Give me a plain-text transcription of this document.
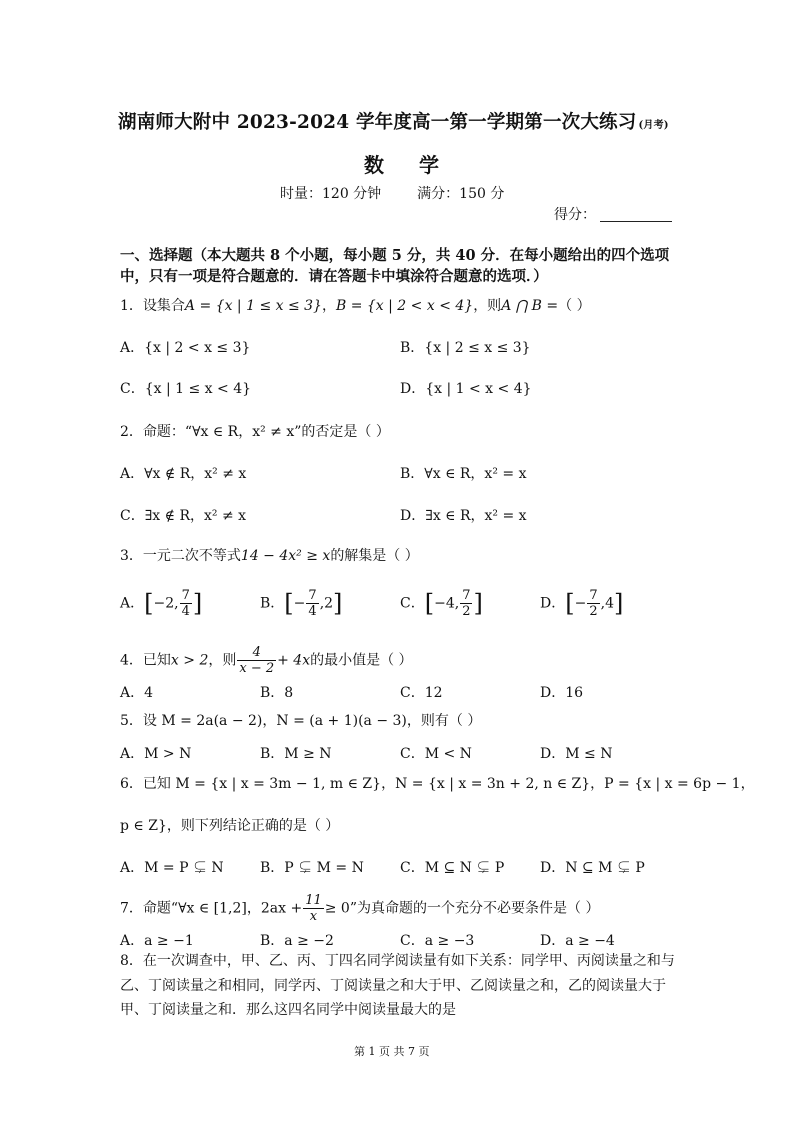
湖南师大附中 2023-2024 学年度高一第一学期第一次大练习 (月考)
数 学
时量：120 分钟	满分：150 分
得分：
一、选择题（本大题共 8 个小题，每小题 5 分，共 40 分．在每小题给出的四个选项中，只有一项是符合题意的．请在答题卡中填涂符合题意的选项．）
1．设集合A = {x | 1 ≤ x ≤ 3}，B = {x | 2 < x < 4}，则A ⋂ B =（ ）
A．{x | 2 < x ≤ 3}	B．{x | 2 ≤ x ≤ 3}
C．{x | 1 ≤ x < 4}	D．{x | 1 < x < 4}
2．命题：“∀x ∈ R，x² ≠ x”的否定是（ ）
A．∀x ∉ R，x² ≠ x	B．∀x ∈ R，x² = x
C．∃x ∉ R，x² ≠ x	D．∃x ∈ R，x² = x
3．一元二次不等式14 − 4x² ≥ x的解集是（ ）
A．[−2, $\frac{7}{4}$ ]	B．[− $\frac{7}{4} ,2$]	C．[−4, $\frac{7}{2}$ ]	D．[− $\frac{7}{2} ,4$]
4．已知x > 2，则 $\frac{4}{x - 2} + 4x$的最小值是（ ）
A．4	B．8	C．12	D．16
5．设 M = 2a(a − 2)，N = (a + 1)(a − 3)，则有（ ）
A．M > N	B．M ≥ N	C．M < N	D．M ≤ N
6．已知 M = {x | x = 3m − 1, m ∈ Z}，N = {x | x = 3n + 2, n ∈ Z}，P = {x | x = 6p − 1，
p ∈ Z}，则下列结论正确的是（ ）
A．M = P ⊊ N	B．P ⊊ M = N	C．M ⊆ N ⊊ P	D．N ⊆ M ⊊ P
7．命题“∀x ∈ [1,2]，$2ax + \frac{11}{x} \ge 0$”为真命题的一个充分不必要条件是（ ）
A．a ≥ −1	B．a ≥ −2	C．a ≥ −3	D．a ≥ −4
8．在一次调查中，甲、乙、丙、丁四名同学阅读量有如下关系：同学甲、丙阅读量之和与乙、丁阅读量之和相同，同学丙、丁阅读量之和大于甲、乙阅读量之和，乙的阅读量大于甲、丁阅读量之和．那么这四名同学中阅读量最大的是
第 1 页 共 7 页
